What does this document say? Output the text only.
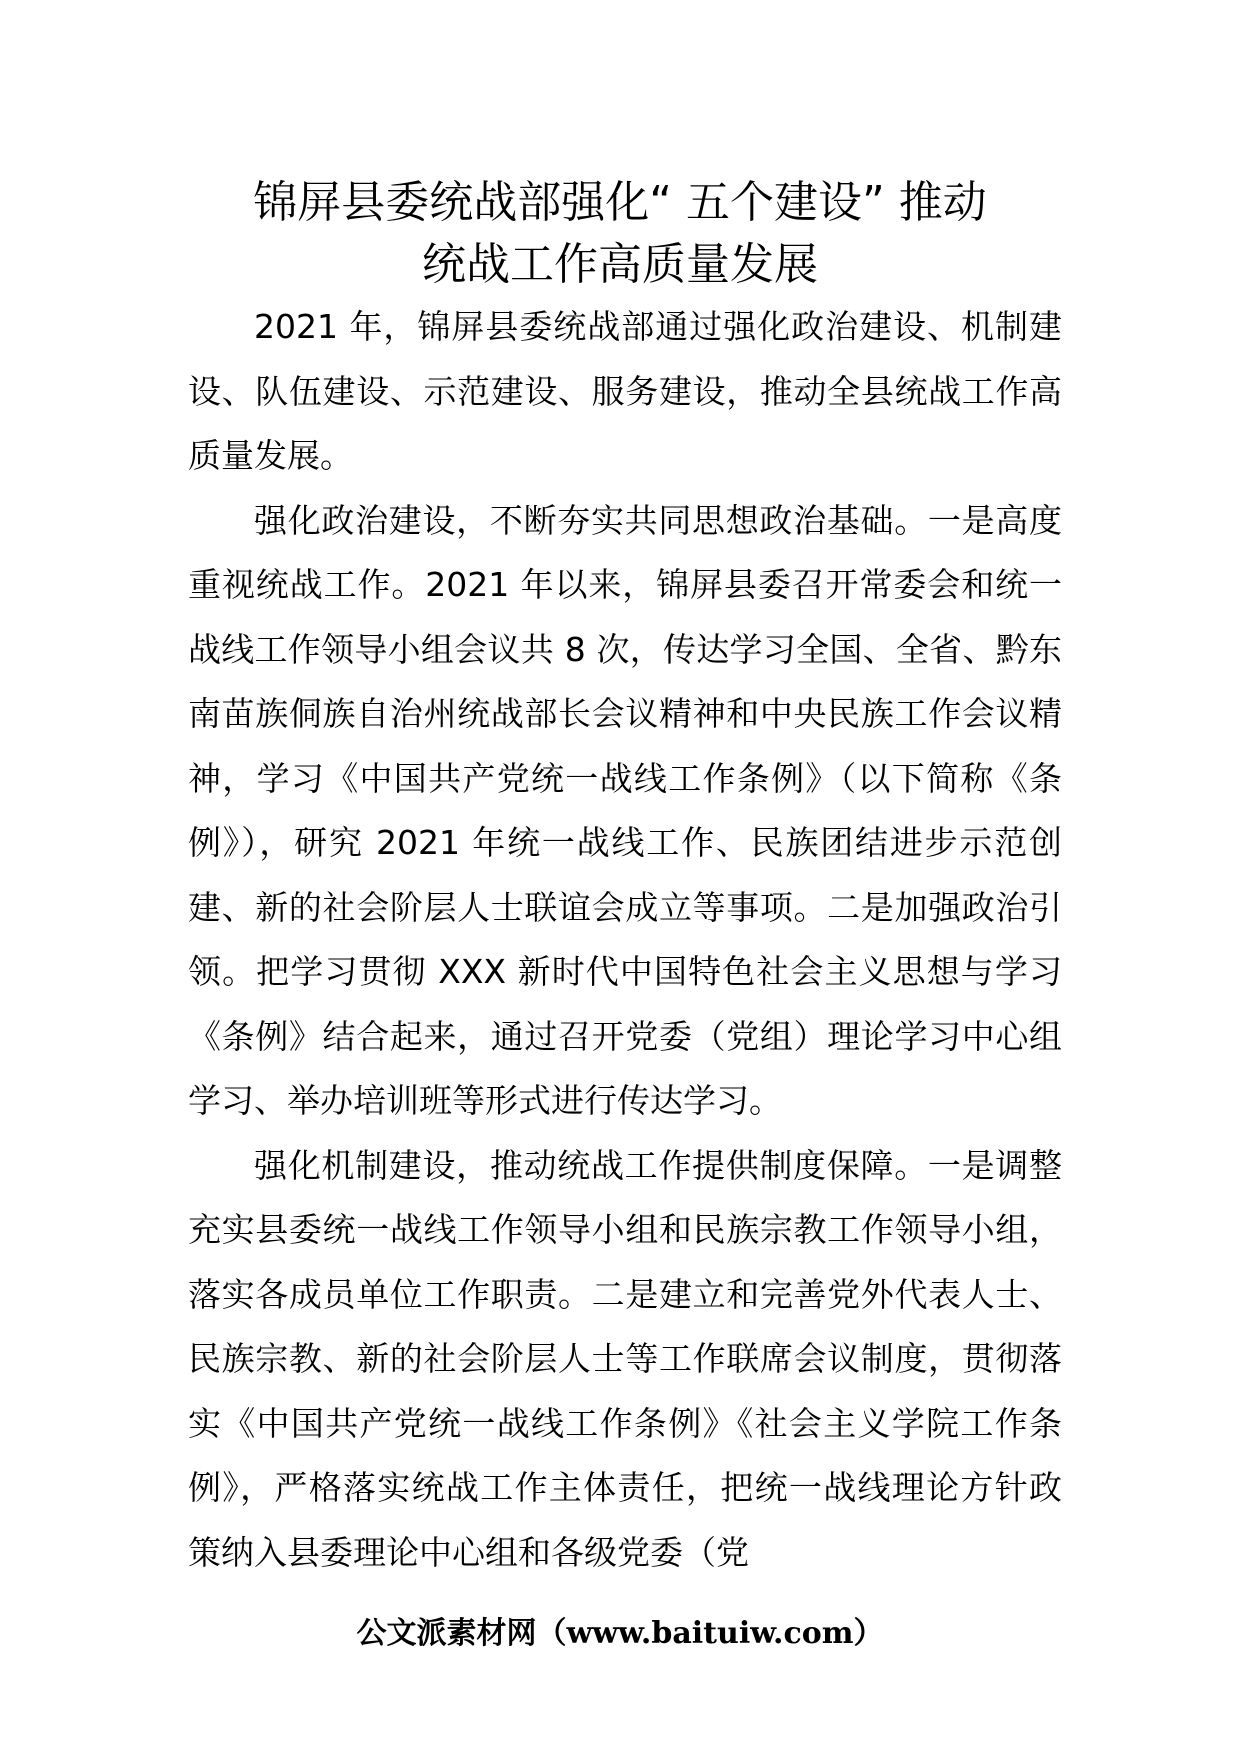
锦屏县委统战部强化“ 五个建设” 推动
统战工作高质量发展

2021 年，锦屏县委统战部通过强化政治建设、机制建设、队伍建设、示范建设、服务建设，推动全县统战工作高质量发展。

强化政治建设，不断夯实共同思想政治基础。一是高度重视统战工作。2021 年以来，锦屏县委召开常委会和统一战线工作领导小组会议共 8 次，传达学习全国、全省、黔东南苗族侗族自治州统战部长会议精神和中央民族工作会议精神，学习《中国共产党统一战线工作条例》（以下简称《条例》），研究 2021 年统一战线工作、民族团结进步示范创建、新的社会阶层人士联谊会成立等事项。二是加强政治引领。把学习贯彻 XXX 新时代中国特色社会主义思想与学习《条例》结合起来，通过召开党委（党组）理论学习中心组学习、举办培训班等形式进行传达学习。

强化机制建设，推动统战工作提供制度保障。一是调整充实县委统一战线工作领导小组和民族宗教工作领导小组，落实各成员单位工作职责。二是建立和完善党外代表人士、民族宗教、新的社会阶层人士等工作联席会议制度，贯彻落实《中国共产党统一战线工作条例》《社会主义学院工作条例》，严格落实统战工作主体责任，把统一战线理论方针政策纳入县委理论中心组和各级党委（党

公文派素材网（www.baituiw.com）
